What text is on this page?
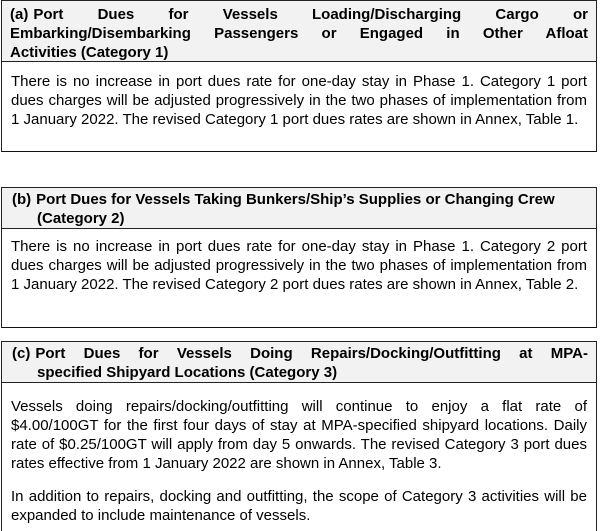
(a) Port Dues for Vessels Loading/Discharging Cargo or
Embarking/Disembarking Passengers or Engaged in Other Afloat
Activities (Category 1)

There is no increase in port dues rate for one-day stay in Phase 1. Category 1 port dues charges will be adjusted progressively in the two phases of implementation from 1 January 2022. The revised Category 1 port dues rates are shown in Annex, Table 1.

(b) Port Dues for Vessels Taking Bunkers/Ship’s Supplies or Changing Crew
(Category 2)

There is no increase in port dues rate for one-day stay in Phase 1. Category 2 port dues charges will be adjusted progressively in the two phases of implementation from 1 January 2022. The revised Category 2 port dues rates are shown in Annex, Table 2.

(c) Port Dues for Vessels Doing Repairs/Docking/Outfitting at MPA-
specified Shipyard Locations (Category 3)

Vessels doing repairs/docking/outfitting will continue to enjoy a flat rate of $4.00/100GT for the first four days of stay at MPA-specified shipyard locations. Daily rate of $0.25/100GT will apply from day 5 onwards. The revised Category 3 port dues rates effective from 1 January 2022 are shown in Annex, Table 3.

In addition to repairs, docking and outfitting, the scope of Category 3 activities will be expanded to include maintenance of vessels.
